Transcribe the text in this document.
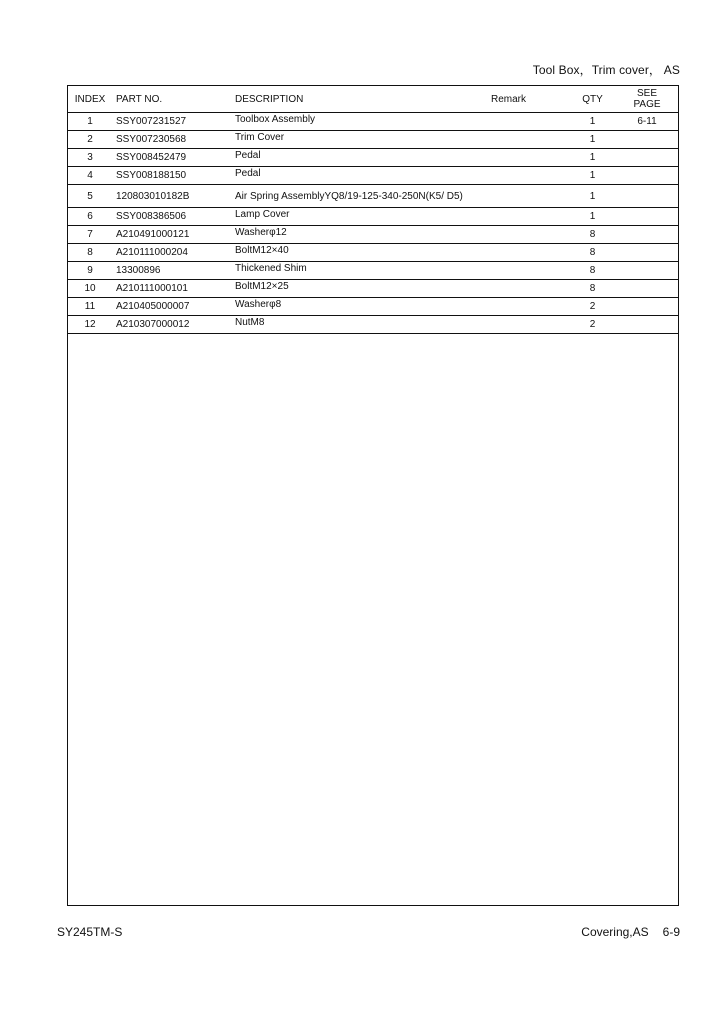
Tool Box，Trim cover， AS
INDEX	PART NO.	DESCRIPTION	Remark	QTY	SEE
PAGE
1	SSY007231527	Toolbox Assembly		1	6-11
2	SSY007230568	Trim Cover		1	
3	SSY008452479	Pedal		1	
4	SSY008188150	Pedal		1	
5	120803010182B	Air Spring AssemblyYQ8/19-125-340-250N(K5/ D5)		1	
6	SSY008386506	Lamp Cover		1	
7	A210491000121	Washerφ12		8	
8	A210111000204	BoltM12×40		8	
9	13300896	Thickened Shim		8	
10	A210111000101	BoltM12×25		8	
11	A210405000007	Washerφ8		2	
12	A210307000012	NutM8		2	
SY245TM-S	Covering,AS 6-9
